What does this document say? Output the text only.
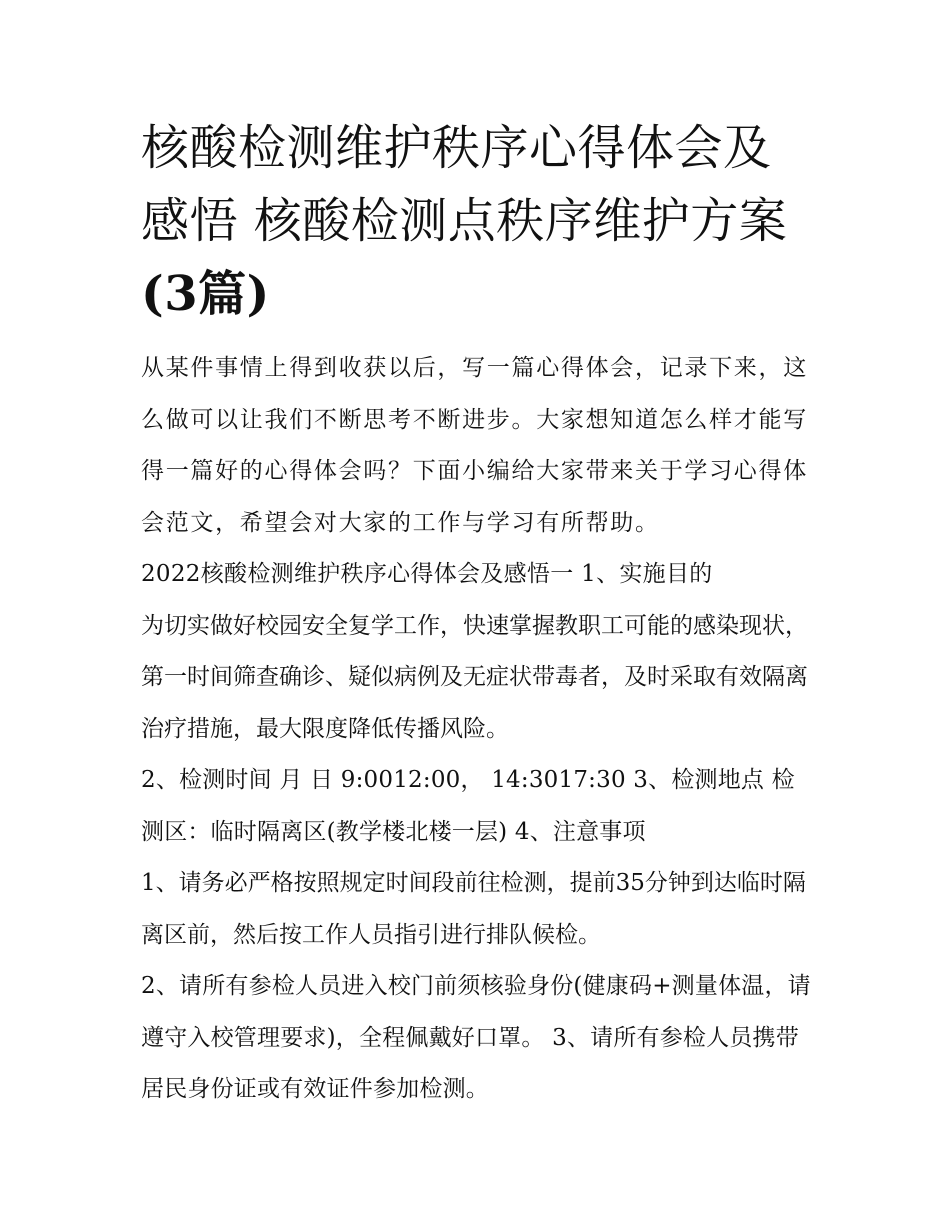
核酸检测维护秩序心得体会及
感悟 核酸检测点秩序维护方案
(3篇)

从某件事情上得到收获以后，写一篇心得体会，记录下来，这么做可以让我们不断思考不断进步。大家想知道怎么样才能写得一篇好的心得体会吗？下面小编给大家带来关于学习心得体会范文，希望会对大家的工作与学习有所帮助。

2022核酸检测维护秩序心得体会及感悟一 1、实施目的

为切实做好校园安全复学工作，快速掌握教职工可能的感染现状，第一时间筛查确诊、疑似病例及无症状带毒者，及时采取有效隔离治疗措施，最大限度降低传播风险。

2、检测时间 月 日 9:0012:00， 14:3017:30 3、检测地点 检测区：临时隔离区(教学楼北楼一层) 4、注意事项

1、请务必严格按照规定时间段前往检测，提前35分钟到达临时隔离区前，然后按工作人员指引进行排队候检。

2、请所有参检人员进入校门前须核验身份(健康码+测量体温，请遵守入校管理要求)，全程佩戴好口罩。 3、请所有参检人员携带居民身份证或有效证件参加检测。
